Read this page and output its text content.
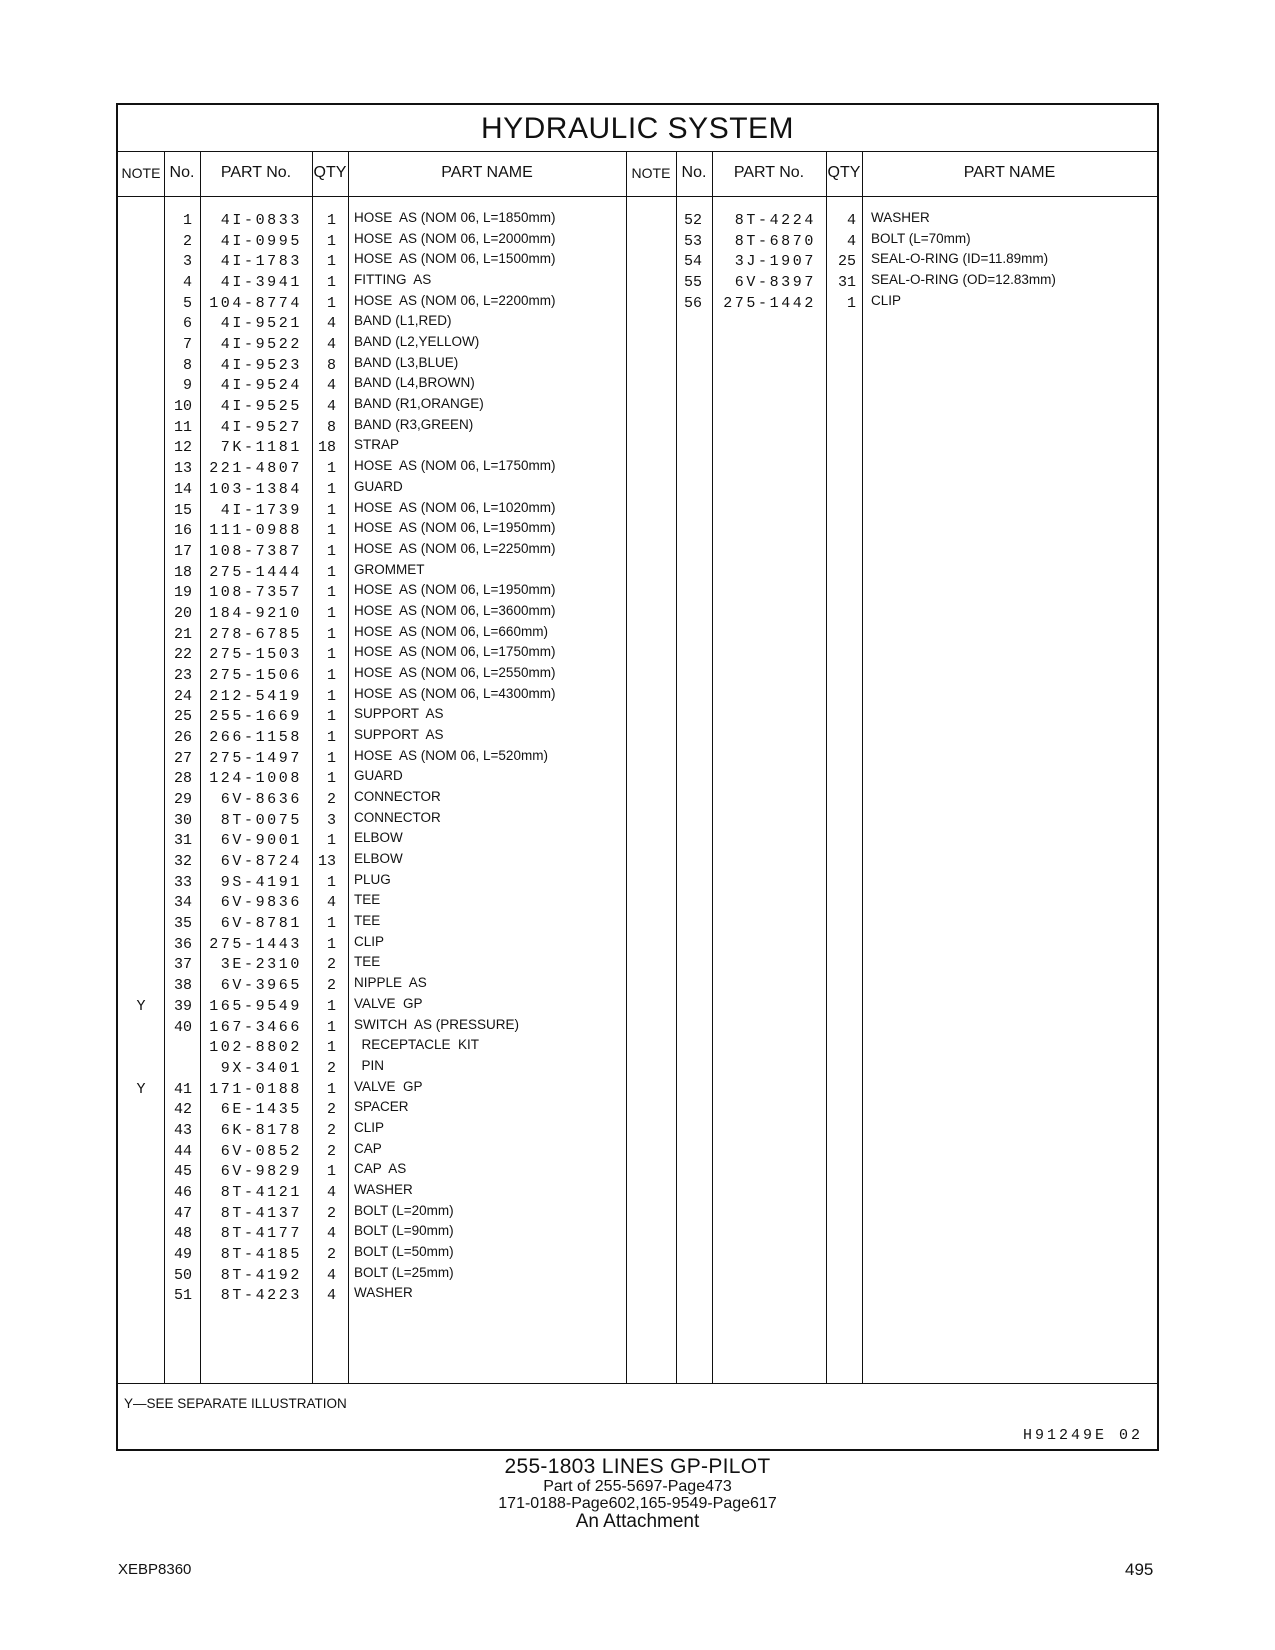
HYDRAULIC SYSTEM
NOTE No.	PART No.	QTY	PART NAME	NOTE No.	PART No.	QTY	PART NAME
1	4I-0833	1 HOSE  AS (NOM 06, L=1850mm)
2	4I-0995	1 HOSE  AS (NOM 06, L=2000mm)
3	4I-1783	1 HOSE  AS (NOM 06, L=1500mm)
4	4I-3941	1 FITTING  AS
5	104-8774	1 HOSE  AS (NOM 06, L=2200mm)
6	4I-9521	4 BAND (L1,RED)
7	4I-9522	4 BAND (L2,YELLOW)
8	4I-9523	8 BAND (L3,BLUE)
9	4I-9524	4 BAND (L4,BROWN)
10	4I-9525	4 BAND (R1,ORANGE)
11	4I-9527	8 BAND (R3,GREEN)
12	7K-1181	18 STRAP
13	221-4807	1 HOSE  AS (NOM 06, L=1750mm)
14	103-1384	1 GUARD
15	4I-1739	1 HOSE  AS (NOM 06, L=1020mm)
16	111-0988	1 HOSE  AS (NOM 06, L=1950mm)
17	108-7387	1 HOSE  AS (NOM 06, L=2250mm)
18	275-1444	1 GROMMET
19	108-7357	1 HOSE  AS (NOM 06, L=1950mm)
20	184-9210	1 HOSE  AS (NOM 06, L=3600mm)
21	278-6785	1 HOSE  AS (NOM 06, L=660mm)
22	275-1503	1 HOSE  AS (NOM 06, L=1750mm)
23	275-1506	1 HOSE  AS (NOM 06, L=2550mm)
24	212-5419	1 HOSE  AS (NOM 06, L=4300mm)
25	255-1669	1 SUPPORT  AS
26	266-1158	1 SUPPORT  AS
27	275-1497	1 HOSE  AS (NOM 06, L=520mm)
28	124-1008	1 GUARD
29	6V-8636	2 CONNECTOR
30	8T-0075	3 CONNECTOR
31	6V-9001	1 ELBOW
32	6V-8724	13 ELBOW
33	9S-4191	1 PLUG
34	6V-9836	4 TEE
35	6V-8781	1 TEE
36	275-1443	1 CLIP
37	3E-2310	2 TEE
38	6V-3965	2 NIPPLE  AS
Y	39	165-9549	1 VALVE  GP
40	167-3466	1 SWITCH  AS (PRESSURE)
102-8802	1 RECEPTACLE  KIT
9X-3401	2 PIN
Y	41	171-0188	1 VALVE  GP
42	6E-1435	2 SPACER
43	6K-8178	2 CLIP
44	6V-0852	2 CAP
45	6V-9829	1 CAP  AS
46	8T-4121	4 WASHER
47	8T-4137	2 BOLT (L=20mm)
48	8T-4177	4 BOLT (L=90mm)
49	8T-4185	2 BOLT (L=50mm)
50	8T-4192	4 BOLT (L=25mm)
51	8T-4223	4 WASHER
52	8T-4224	4 WASHER
53	8T-6870	4 BOLT (L=70mm)
54	3J-1907	25 SEAL-O-RING (ID=11.89mm)
55	6V-8397	31 SEAL-O-RING (OD=12.83mm)
56	275-1442	1 CLIP
Y—SEE SEPARATE ILLUSTRATION
H91249E 02
255-1803 LINES GP-PILOT
Part of 255-5697-Page473
171-0188-Page602,165-9549-Page617
An Attachment
XEBP8360	495
